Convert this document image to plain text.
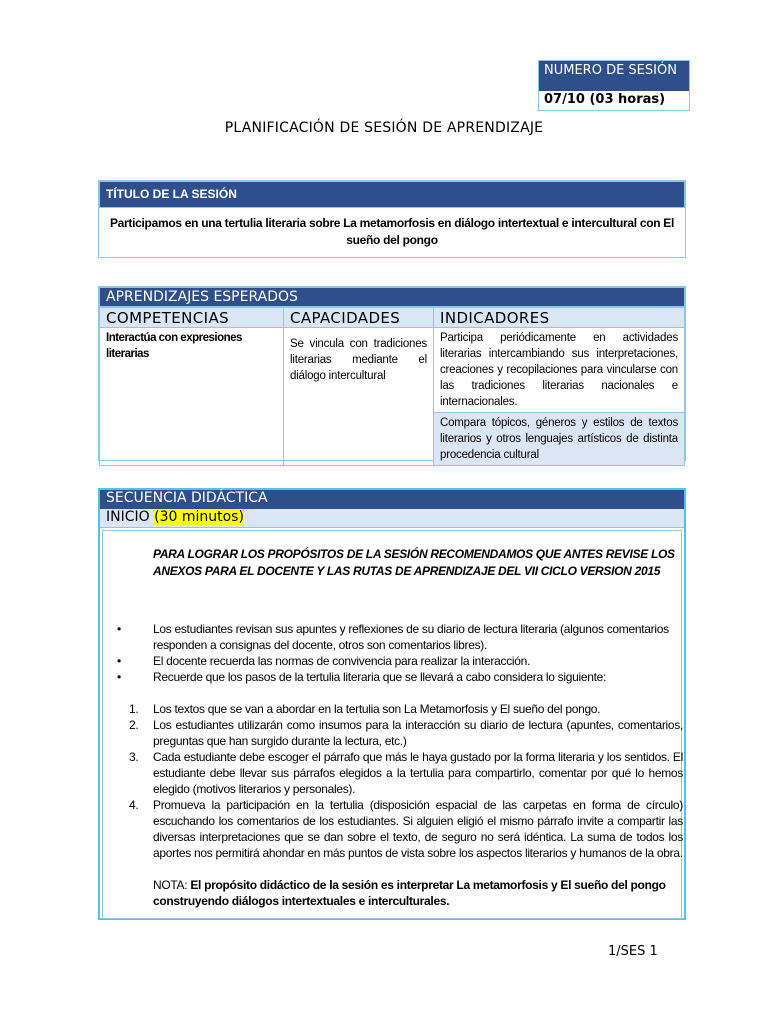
NUMERO DE SESIÓN
07/10 (03 horas)
PLANIFICACIÓN DE SESIÓN DE APRENDIZAJE
TÍTULO DE LA SESIÓN
Participamos en una tertulia literaria sobre La metamorfosis en diálogo intertextual e intercultural con El sueño del pongo
APRENDIZAJES ESPERADOS
COMPETENCIAS	CAPACIDADES	INDICADORES
Interactúa con expresiones literarias	Se vincula con tradiciones literarias mediante el diálogo intercultural	Participa periódicamente en actividades literarias intercambiando sus interpretaciones, creaciones y recopilaciones para vincularse con las tradiciones literarias nacionales e internacionales.
		Compara tópicos, géneros y estilos de textos literarios y otros lenguajes artísticos de distinta procedencia cultural
SECUENCIA DIDÁCTICA
INICIO (30 minutos)
PARA LOGRAR LOS PROPÓSITOS DE LA SESIÓN RECOMENDAMOS QUE ANTES REVISE LOS ANEXOS PARA EL DOCENTE Y LAS RUTAS DE APRENDIZAJE DEL VII CICLO VERSION 2015
•	Los estudiantes revisan sus apuntes y reflexiones de su diario de lectura literaria (algunos comentarios responden a consignas del docente, otros son comentarios libres).
•	El docente recuerda las normas de convivencia para realizar la interacción.
•	Recuerde que los pasos de la tertulia literaria que se llevará a cabo considera lo siguiente:
1. Los textos que se van a abordar en la tertulia son La Metamorfosis y El sueño del pongo.
2. Los estudiantes utilizarán como insumos para la interacción su diario de lectura (apuntes, comentarios, preguntas que han surgido durante la lectura, etc.)
3. Cada estudiante debe escoger el párrafo que más le haya gustado por la forma literaria y los sentidos. El estudiante debe llevar sus párrafos elegidos a la tertulia para compartirlo, comentar por qué lo hemos elegido (motivos literarios y personales).
4. Promueva la participación en la tertulia (disposición espacial de las carpetas en forma de círculo) escuchando los comentarios de los estudiantes. Si alguien eligió el mismo párrafo invite a compartir las diversas interpretaciones que se dan sobre el texto, de seguro no será idéntica. La suma de todos los aportes nos permitirá ahondar en más puntos de vista sobre los aspectos literarios y humanos de la obra.
NOTA: El propósito didáctico de la sesión es interpretar La metamorfosis y El sueño del pongo construyendo diálogos intertextuales e interculturales.
1/SES 1
